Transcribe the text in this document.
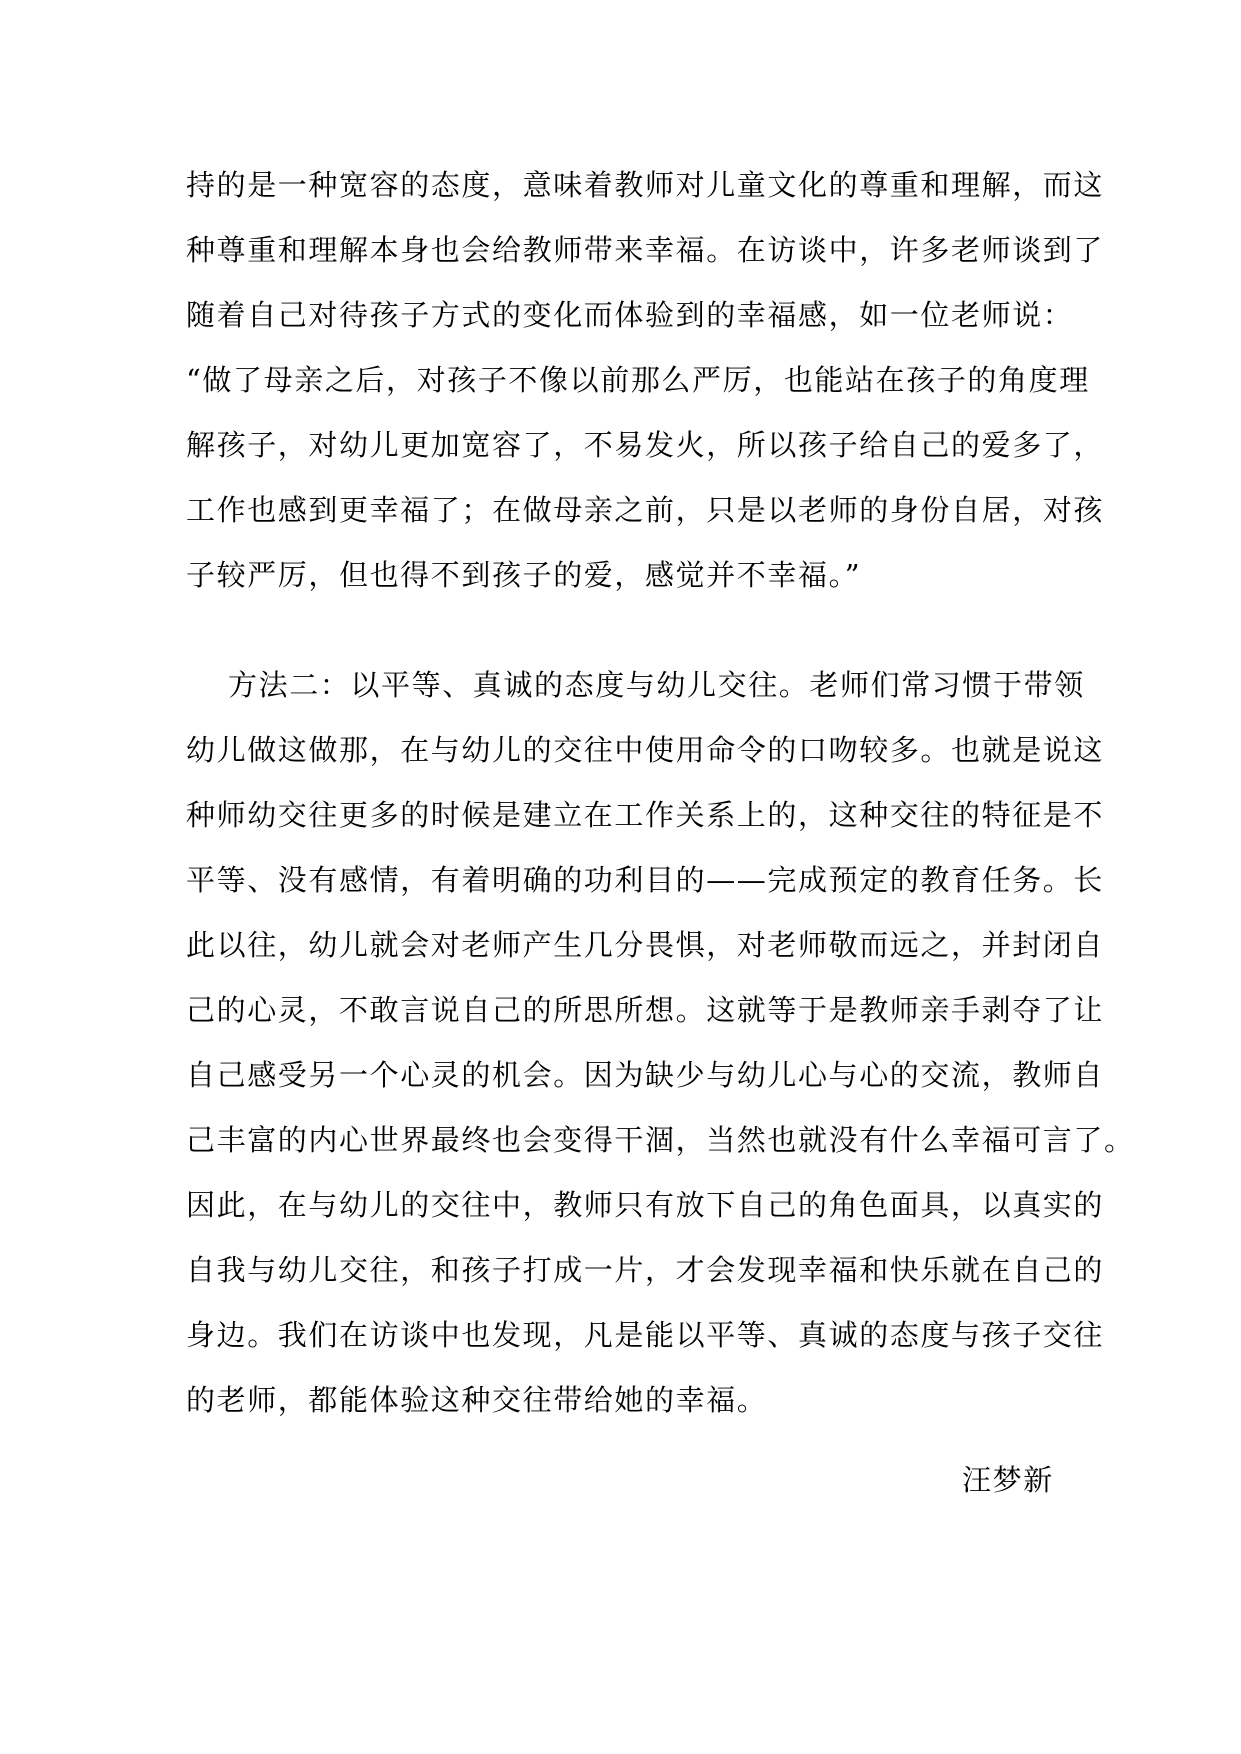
持的是一种宽容的态度，意味着教师对儿童文化的尊重和理解，而这
种尊重和理解本身也会给教师带来幸福。在访谈中，许多老师谈到了
随着自己对待孩子方式的变化而体验到的幸福感，如一位老师说：
“做了母亲之后，对孩子不像以前那么严厉，也能站在孩子的角度理
解孩子，对幼儿更加宽容了，不易发火，所以孩子给自己的爱多了，
工作也感到更幸福了；在做母亲之前，只是以老师的身份自居，对孩
子较严厉，但也得不到孩子的爱，感觉并不幸福。”
方法二：以平等、真诚的态度与幼儿交往。老师们常习惯于带领
幼儿做这做那，在与幼儿的交往中使用命令的口吻较多。也就是说这
种师幼交往更多的时候是建立在工作关系上的，这种交往的特征是不
平等、没有感情，有着明确的功利目的——完成预定的教育任务。长
此以往，幼儿就会对老师产生几分畏惧，对老师敬而远之，并封闭自
己的心灵，不敢言说自己的所思所想。这就等于是教师亲手剥夺了让
自己感受另一个心灵的机会。因为缺少与幼儿心与心的交流，教师自
己丰富的内心世界最终也会变得干涸，当然也就没有什么幸福可言了。
因此，在与幼儿的交往中，教师只有放下自己的角色面具，以真实的
自我与幼儿交往，和孩子打成一片，才会发现幸福和快乐就在自己的
身边。我们在访谈中也发现，凡是能以平等、真诚的态度与孩子交往
的老师，都能体验这种交往带给她的幸福。
汪梦新
